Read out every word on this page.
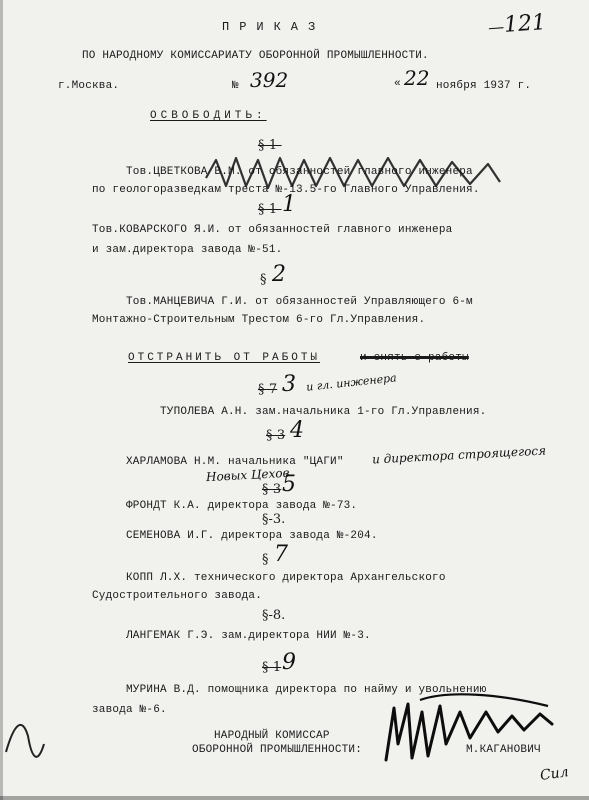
—121
ПРИКАЗ
ПО НАРОДНОМУ КОМИССАРИАТУ ОБОРОННОЙ ПРОМЫШЛЕННОСТИ.
г.Москва.	№ 392	« 22 ноября 1937 г.
ОСВОБОДИТЬ:
§-1-
Тов.ЦВЕТКОВА В.М. от обязанностей главного инженера
по геологоразведкам треста №-13.5-го Главного Управления.
§-1- 1
Тов.КОВАРСКОГО Я.И. от обязанностей главного инженера
и зам.директора завода №-51.
§ 2
Тов.МАНЦЕВИЧА Г.И. от обязанностей Управляющего 6-м
Монтажно-Строительным Трестом 6-го Гл.Управления.
ОТСТРАНИТЬ ОТ РАБОТЫ	и снять с работы
§-7 3 и гл. инженера
ТУПОЛЕВА А.Н. зам.начальника 1-го Гл.Управления.
§-3 4
ХАРЛАМОВА Н.М. начальника "ЦАГИ" и директора строящегося
Новых Цехов
§-3 5
ФРОНДТ К.А. директора завода №-73.
§-3.
СЕМЕНОВА И.Г. директора завода №-204.
§ 7
КОПП Л.Х. технического директора Архангельского
Судостроительного завода.
§-8.
ЛАНГЕМАК Г.Э. зам.директора НИИ №-3.
§-1 9
МУРИНА В.Д. помощника директора по найму и увольнению
завода №-6.
НАРОДНЫЙ КОМИССАР
ОБОРОННОЙ ПРОМЫШЛЕННОСТИ:	М.КАГАНОВИЧ
Сил
